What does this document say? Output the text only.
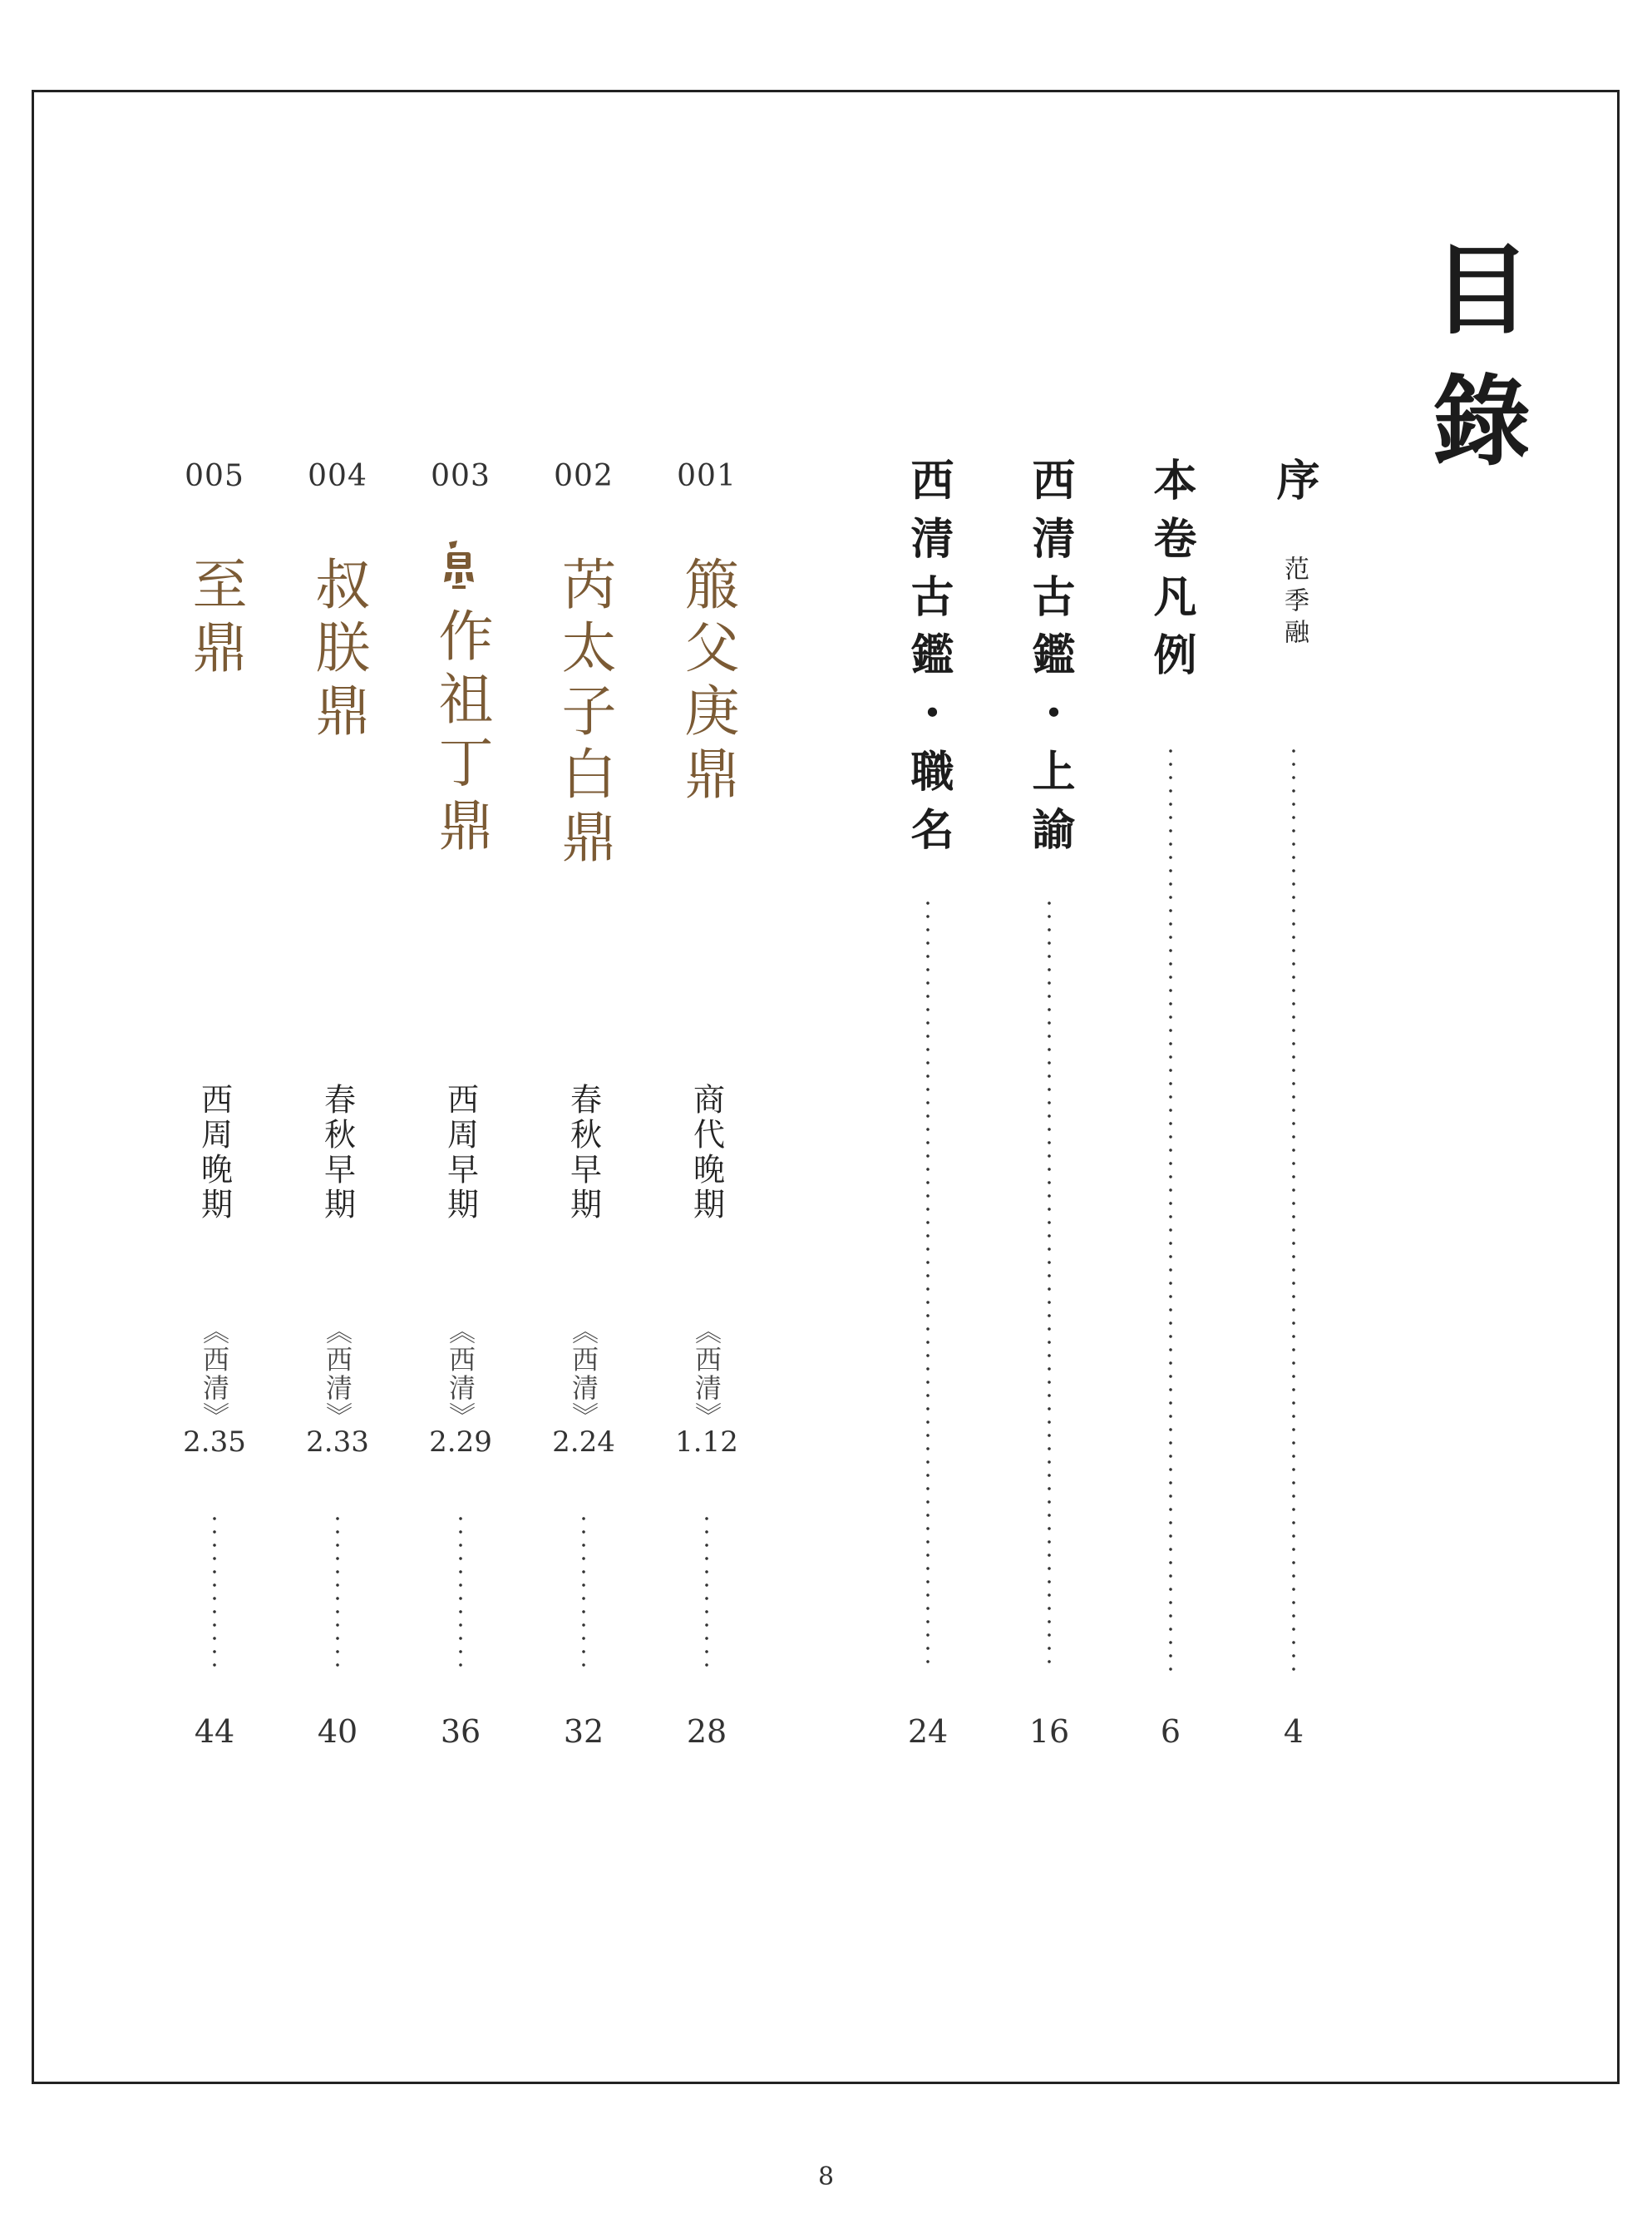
目
錄
序
范季融
4
本卷凡例
6
西清古鑑・上諭
16
西清古鑑・職名
24
001
箙父庚鼎
商代晚期
《西清》
1.12
28
002
芮太子白鼎
春秋早期
《西清》
2.24
32
003
作祖丁鼎
西周早期
《西清》
2.29
36
004
叔朕鼎
春秋早期
《西清》
2.33
40
005
至鼎
西周晚期
《西清》
2.35
44
8
